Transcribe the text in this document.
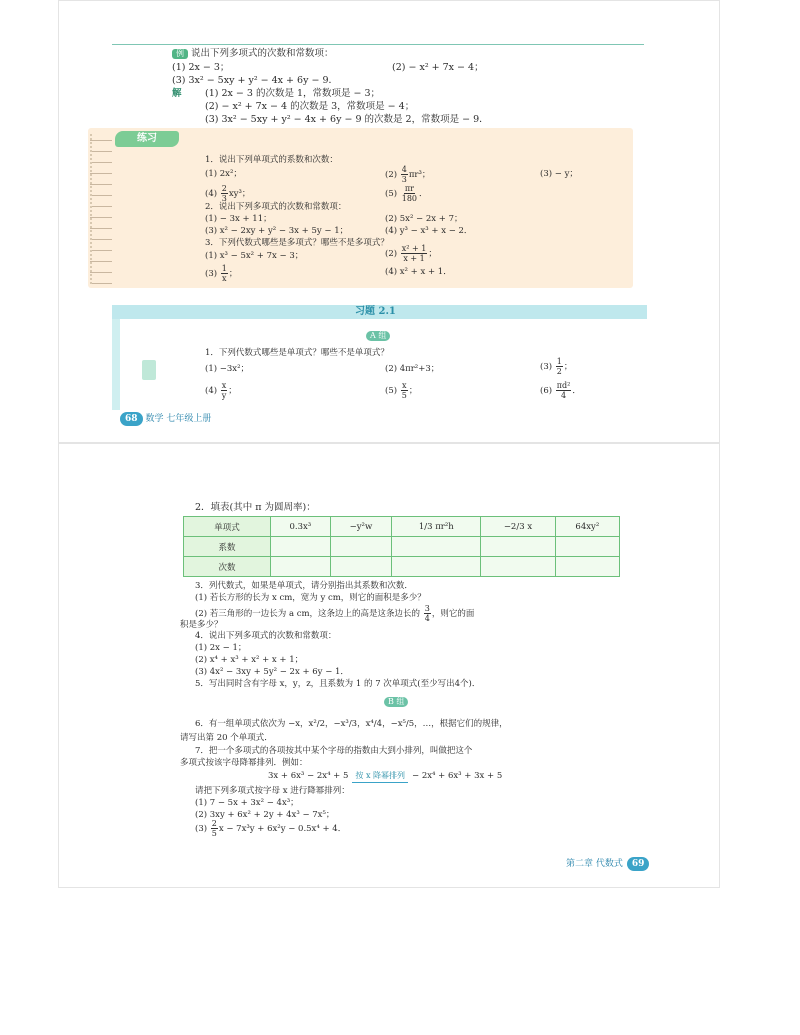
例 说出下列多项式的次数和常数项：
(1) 2x − 3；	(2) − x² + 7x − 4；
(3) 3x² − 5xy + y² − 4x + 6y − 9．
解 (1) 2x − 3 的次数是 1，常数项是 − 3；
(2) − x² + 7x − 4 的次数是 3，常数项是 − 4；
(3) 3x² − 5xy + y² − 4x + 6y − 9 的次数是 2，常数项是 − 9．
练习
1．说出下列单项式的系数和次数：
(1) 2x²；	$(2) \frac{4}{3} \pi r^3$；	(3) − y；
$(4) \frac{2}{3} xy^3$；	$(5) \frac{\pi r}{180}$ ．
2．说出下列多项式的次数和常数项：
(1) − 3x + 11；	(2) 5x² − 2x + 7；
(3) x² − 2xy + y² − 3x + 5y − 1；	(4) y³ − x³ + x − 2．
3．下列代数式哪些是多项式？哪些不是多项式？
(1) x³ − 5x² + 7x − 3；	$(2) \frac{\text{x² + 1}}{x + 1}$ ；
$(3) \frac{1}{x}$ ；	(4) x² + x + 1．
习题 2.1
A 组
1．下列代数式哪些是单项式？哪些不是单项式？
(1) −3x²；	(2) 4πr²+3；	$(3) \frac{1}{2}$ ；
$(4) \frac{x}{y}$ ；	$(5) \frac{x}{5}$ ；	$(6) \frac{\text{πd²}}{4}$ ．
68 数学 七年级上册
2．填表(其中 π 为圆周率)：
单项式	0.3x³	−y²w	1/3 πr²h	−2/3 x	64xy²
系数					
次数					
3．列代数式，如果是单项式，请分别指出其系数和次数．
(1) 若长方形的长为 x cm，宽为 y cm，则它的面积是多少？
(2) 若三角形的一边长为 a cm，这条边上的高是这条边长的 $\frac{3}{4}$ ，则它的面
积是多少？
4．说出下列多项式的次数和常数项：
(1) 2x − 1；
(2) x⁴ + x³ + x² + x + 1；
(3) 4x² − 3xy + 5y² − 2x + 6y − 1．
5．写出同时含有字母 x，y，z，且系数为 1 的 7 次单项式(至少写出4个)．
B 组
6．有一组单项式依次为 −x，x²/2，−x³/3，x⁴/4，−x⁵/5，…，根据它们的规律，
请写出第 20 个单项式．
7．把一个多项式的各项按其中某个字母的指数由大到小排列，叫做把这个
多项式按该字母降幂排列．例如：
3x + 6x³ − 2x⁴ + 5 按 x 降幂排列 − 2x⁴ + 6x³ + 3x + 5
请把下列多项式按字母 x 进行降幂排列：
(1) 7 − 5x + 3x² − 4x³；
(2) 3xy + 6x² + 2y + 4x³ − 7x⁵；
$(3) \frac{2}{5}$ x − 7x³y + 6x²y − 0.5x⁴ + 4．
第二章 代数式 69
